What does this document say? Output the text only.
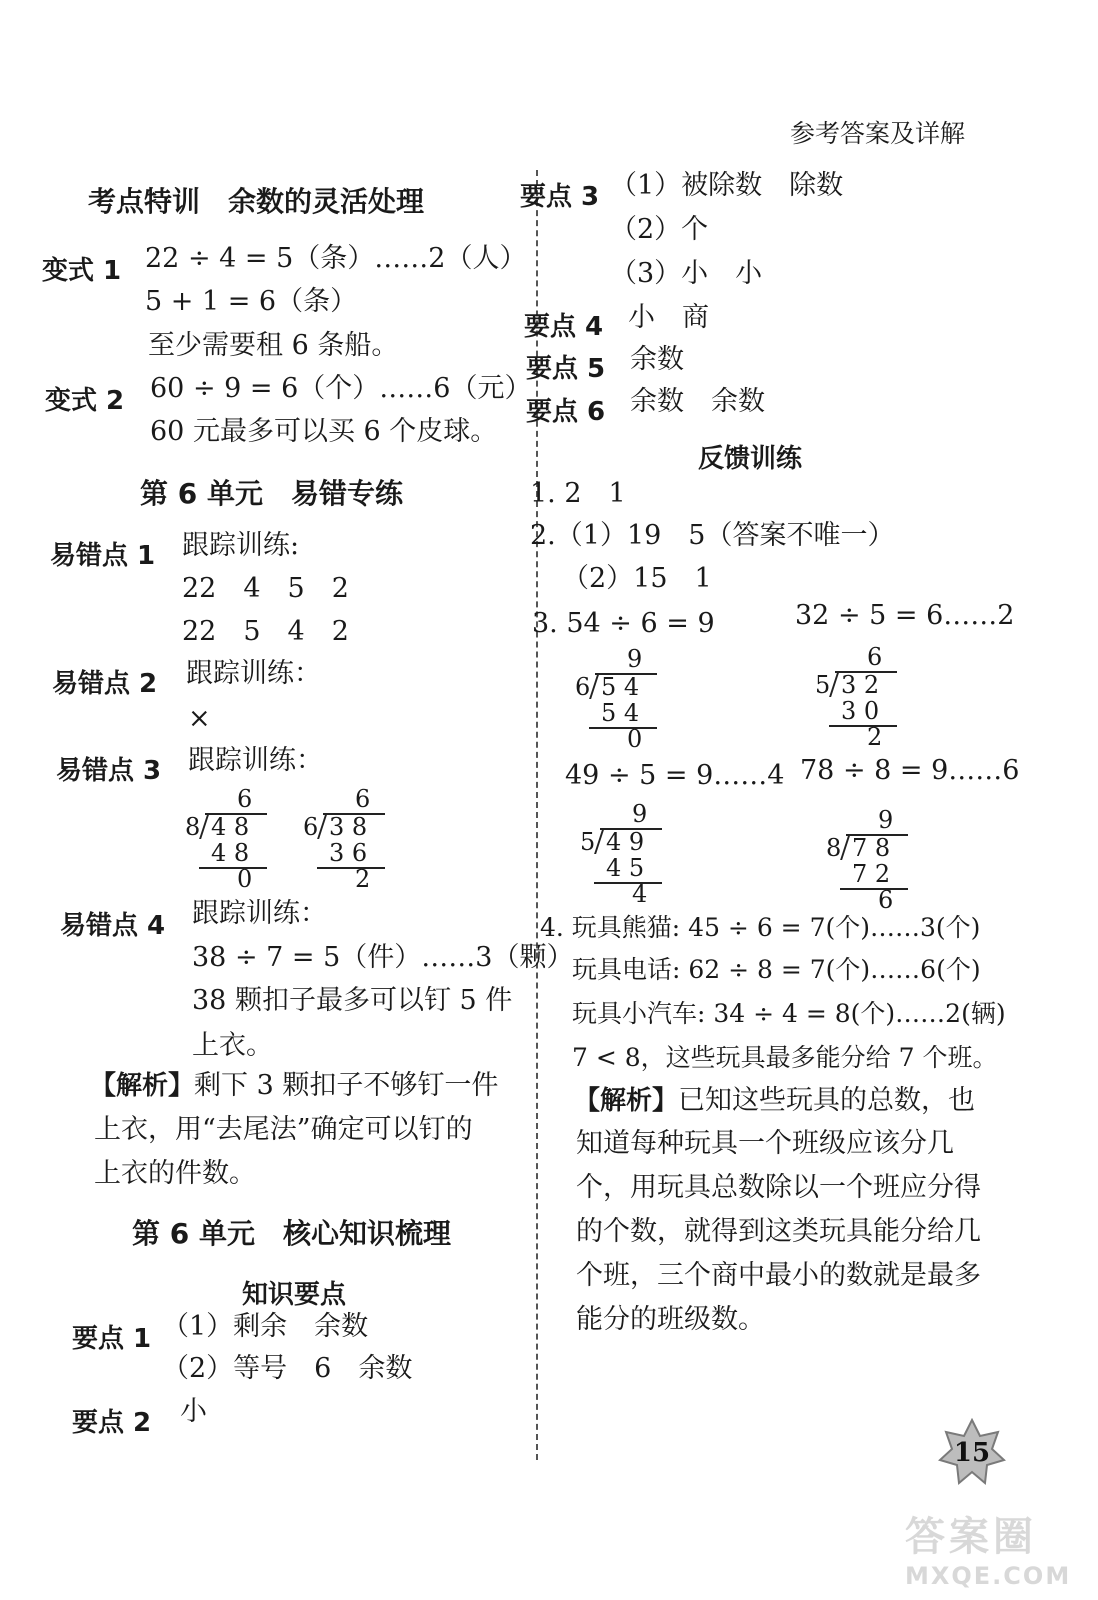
参考答案及详解
考点特训　余数的灵活处理
变式 1 22 ÷ 4 = 5（条）……2（人）
5 + 1 = 6（条）
至少需要租 6 条船。
变式 2 60 ÷ 9 = 6（个）……6（元）
60 元最多可以买 6 个皮球。
第 6 单元　易错专练
易错点 1 跟踪训练:
22　4　5　2
22　5　4　2
易错点 2 跟踪训练：
×
易错点 3 跟踪训练：
6
8 4 8
4 8
0
6
6 3 8
3 6
2
易错点 4 跟踪训练：
38 ÷ 7 = 5（件）……3（颗）
38 颗扣子最多可以钉 5 件
上衣。
【解析】剩下 3 颗扣子不够钉一件
上衣，用“去尾法”确定可以钉的
上衣的件数。
第 6 单元　核心知识梳理
知识要点
要点 1 （1）剩余　余数
（2）等号　6　余数
要点 2 小
要点 3 （1）被除数　除数
（2）个
（3）小　小
要点 4 小　商
要点 5 余数
要点 6 余数　余数
反馈训练
1. 2　1
2.（1）19　5（答案不唯一）
（2）15　1
3. 54 ÷ 6 = 9	32 ÷ 5 = 6……2
9
6 5 4
5 4
0
6
5 3 2
3 0
2
49 ÷ 5 = 9……4 78 ÷ 8 = 9……6
9
5 4 9
4 5
4
9
8 7 8
7 2
6
4. 玩具熊猫: 45 ÷ 6 = 7(个)……3(个)
玩具电话: 62 ÷ 8 = 7(个)……6(个)
玩具小汽车: 34 ÷ 4 = 8(个)……2(辆)
7 < 8，这些玩具最多能分给 7 个班。
【解析】已知这些玩具的总数，也
知道每种玩具一个班级应该分几
个，用玩具总数除以一个班应分得
的个数，就得到这类玩具能分给几
个班，三个商中最小的数就是最多
能分的班级数。
15
答案圈
MXQE.COM
